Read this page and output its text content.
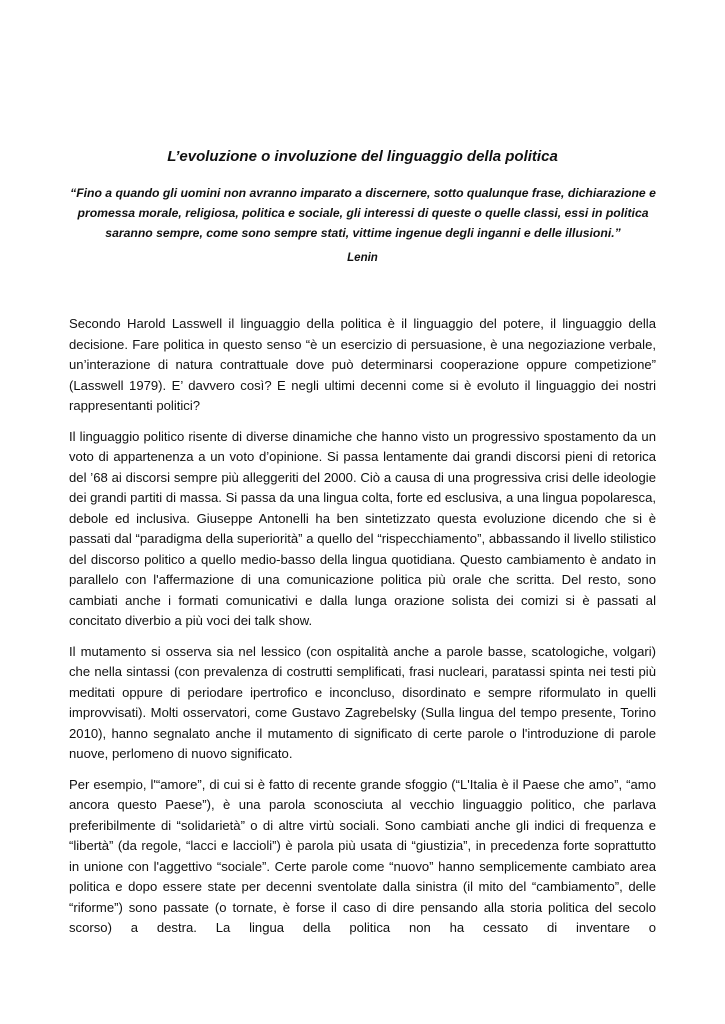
L’evoluzione o involuzione del linguaggio della politica

“Fino a quando gli uomini non avranno imparato a discernere, sotto qualunque frase, dichiarazione e promessa morale, religiosa, politica e sociale, gli interessi di queste o quelle classi, essi in politica saranno sempre, come sono sempre stati, vittime ingenue degli inganni e delle illusioni.”

Lenin

Secondo Harold Lasswell il linguaggio della politica è il linguaggio del potere, il linguaggio della decisione. Fare politica in questo senso “è un esercizio di persuasione, è una negoziazione verbale, un’interazione di natura contrattuale dove può determinarsi cooperazione oppure competizione” (Lasswell 1979). E’ davvero così? E negli ultimi decenni come si è evoluto il linguaggio dei nostri rappresentanti politici?

Il linguaggio politico risente di diverse dinamiche che hanno visto un progressivo spostamento da un voto di appartenenza a un voto d’opinione. Si passa lentamente dai grandi discorsi pieni di retorica del ’68 ai discorsi sempre più alleggeriti del 2000. Ciò a causa di una progressiva crisi delle ideologie dei grandi partiti di massa. Si passa da una lingua colta, forte ed esclusiva, a una lingua popolaresca, debole ed inclusiva. Giuseppe Antonelli ha ben sintetizzato questa evoluzione dicendo che si è passati dal “paradigma della superiorità” a quello del “rispecchiamento”, abbassando il livello stilistico del discorso politico a quello medio-basso della lingua quotidiana. Questo cambiamento è andato in parallelo con l'affermazione di una comunicazione politica più orale che scritta. Del resto, sono cambiati anche i formati comunicativi e dalla lunga orazione solista dei comizi si è passati al concitato diverbio a più voci dei talk show.

Il mutamento si osserva sia nel lessico (con ospitalità anche a parole basse, scatologiche, volgari) che nella sintassi (con prevalenza di costrutti semplificati, frasi nucleari, paratassi spinta nei testi più meditati oppure di periodare ipertrofico e inconcluso, disordinato e sempre riformulato in quelli improvvisati). Molti osservatori, come Gustavo Zagrebelsky (Sulla lingua del tempo presente, Torino 2010), hanno segnalato anche il mutamento di significato di certe parole o l'introduzione di parole nuove, perlomeno di nuovo significato.

Per esempio, l'“amore”, di cui si è fatto di recente grande sfoggio (“L'Italia è il Paese che amo”, “amo ancora questo Paese”), è una parola sconosciuta al vecchio linguaggio politico, che parlava preferibilmente di “solidarietà” o di altre virtù sociali. Sono cambiati anche gli indici di frequenza e “libertà” (da regole, “lacci e laccioli”) è parola più usata di “giustizia”, in precedenza forte soprattutto in unione con l'aggettivo “sociale”. Certe parole come “nuovo” hanno semplicemente cambiato area politica e dopo essere state per decenni sventolate dalla sinistra (il mito del “cambiamento”, delle “riforme”) sono passate (o tornate, è forse il caso di dire pensando alla storia politica del secolo scorso) a destra. La lingua della politica non ha cessato di inventare o
